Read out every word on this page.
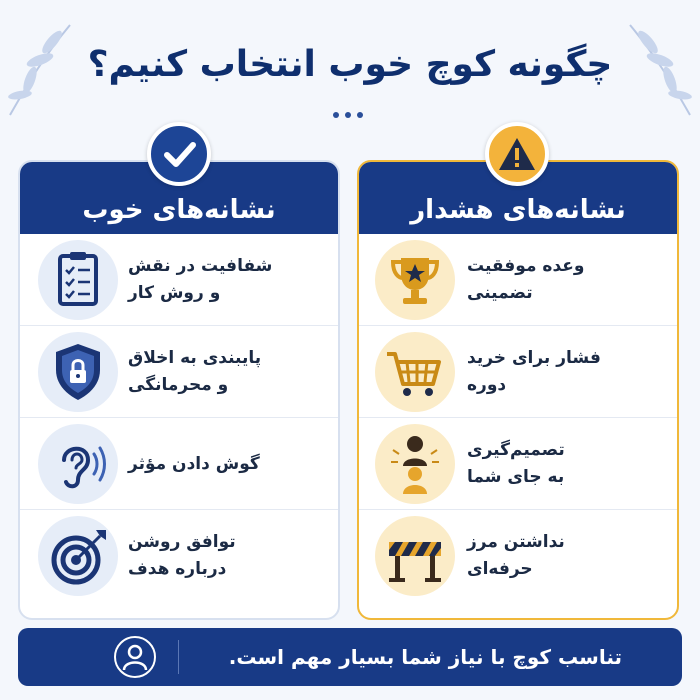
چگونه کوچ خوب انتخاب کنیم؟
نشانه‌های هشدار
وعده موفقیت
تضمینی
فشار برای خرید
دوره
تصمیم‌گیری
به جای شما
نداشتن مرز
حرفه‌ای
نشانه‌های خوب
شفافیت در نقش
و روش کار
پایبندی به اخلاق
و محرمانگی
گوش دادن مؤثر
توافق روشن
درباره هدف
تناسب کوچ با نیاز شما بسیار مهم است.
